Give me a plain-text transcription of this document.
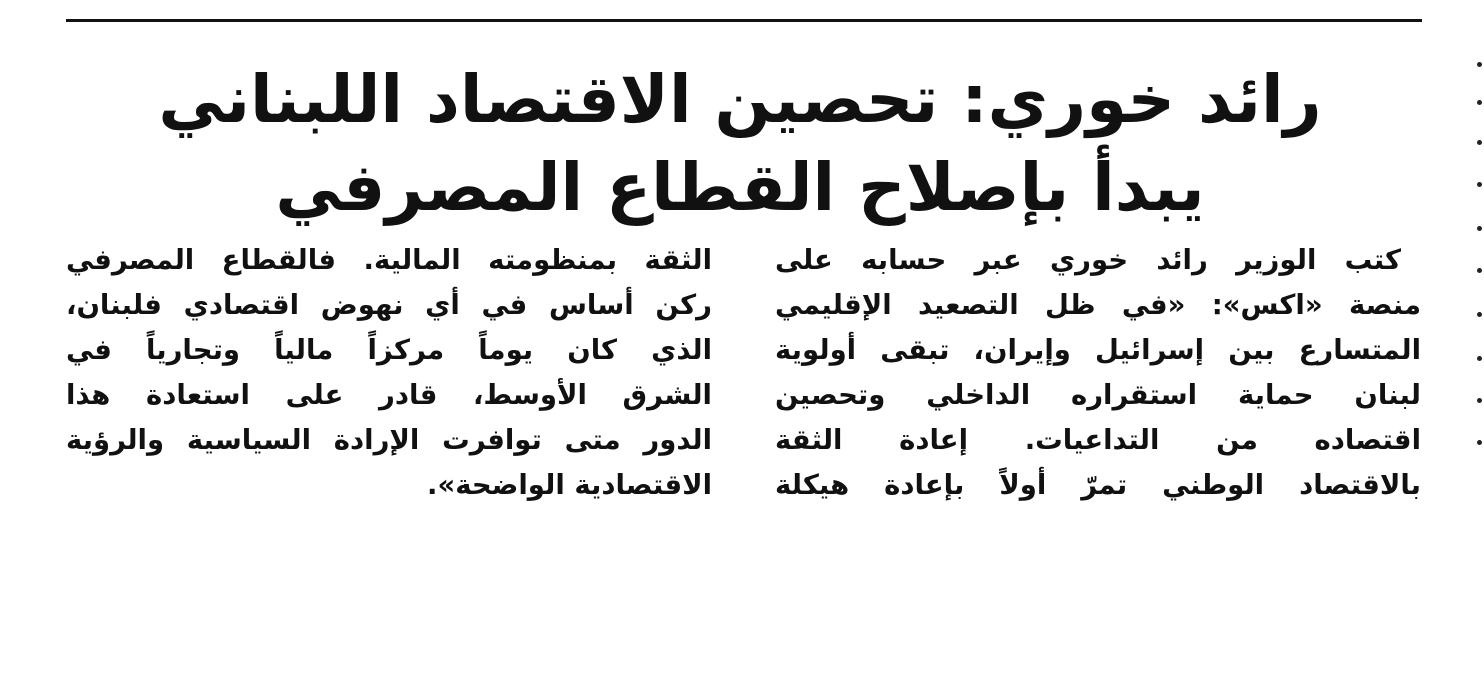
رائد خوري: تحصين الاقتصاد اللبناني
يبدأ بإصلاح القطاع المصرفي
كتب الوزير رائد خوري عبر حسابه على
منصة «اكس»: «في ظل التصعيد الإقليمي
المتسارع بين إسرائيل وإيران، تبقى أولوية
لبنان حماية استقراره الداخلي وتحصين
اقتصاده من التداعيات. إعادة الثقة
بالاقتصاد الوطني تمرّ أولاً بإعادة هيكلة
الثقة بمنظومته المالية. فالقطاع المصرفي
ركن أساس في أي نهوض اقتصادي فلبنان،
الذي كان يوماً مركزاً مالياً وتجارياً في
الشرق الأوسط، قادر على استعادة هذا
الدور متى توافرت الإرادة السياسية والرؤية
الاقتصادية الواضحة».
